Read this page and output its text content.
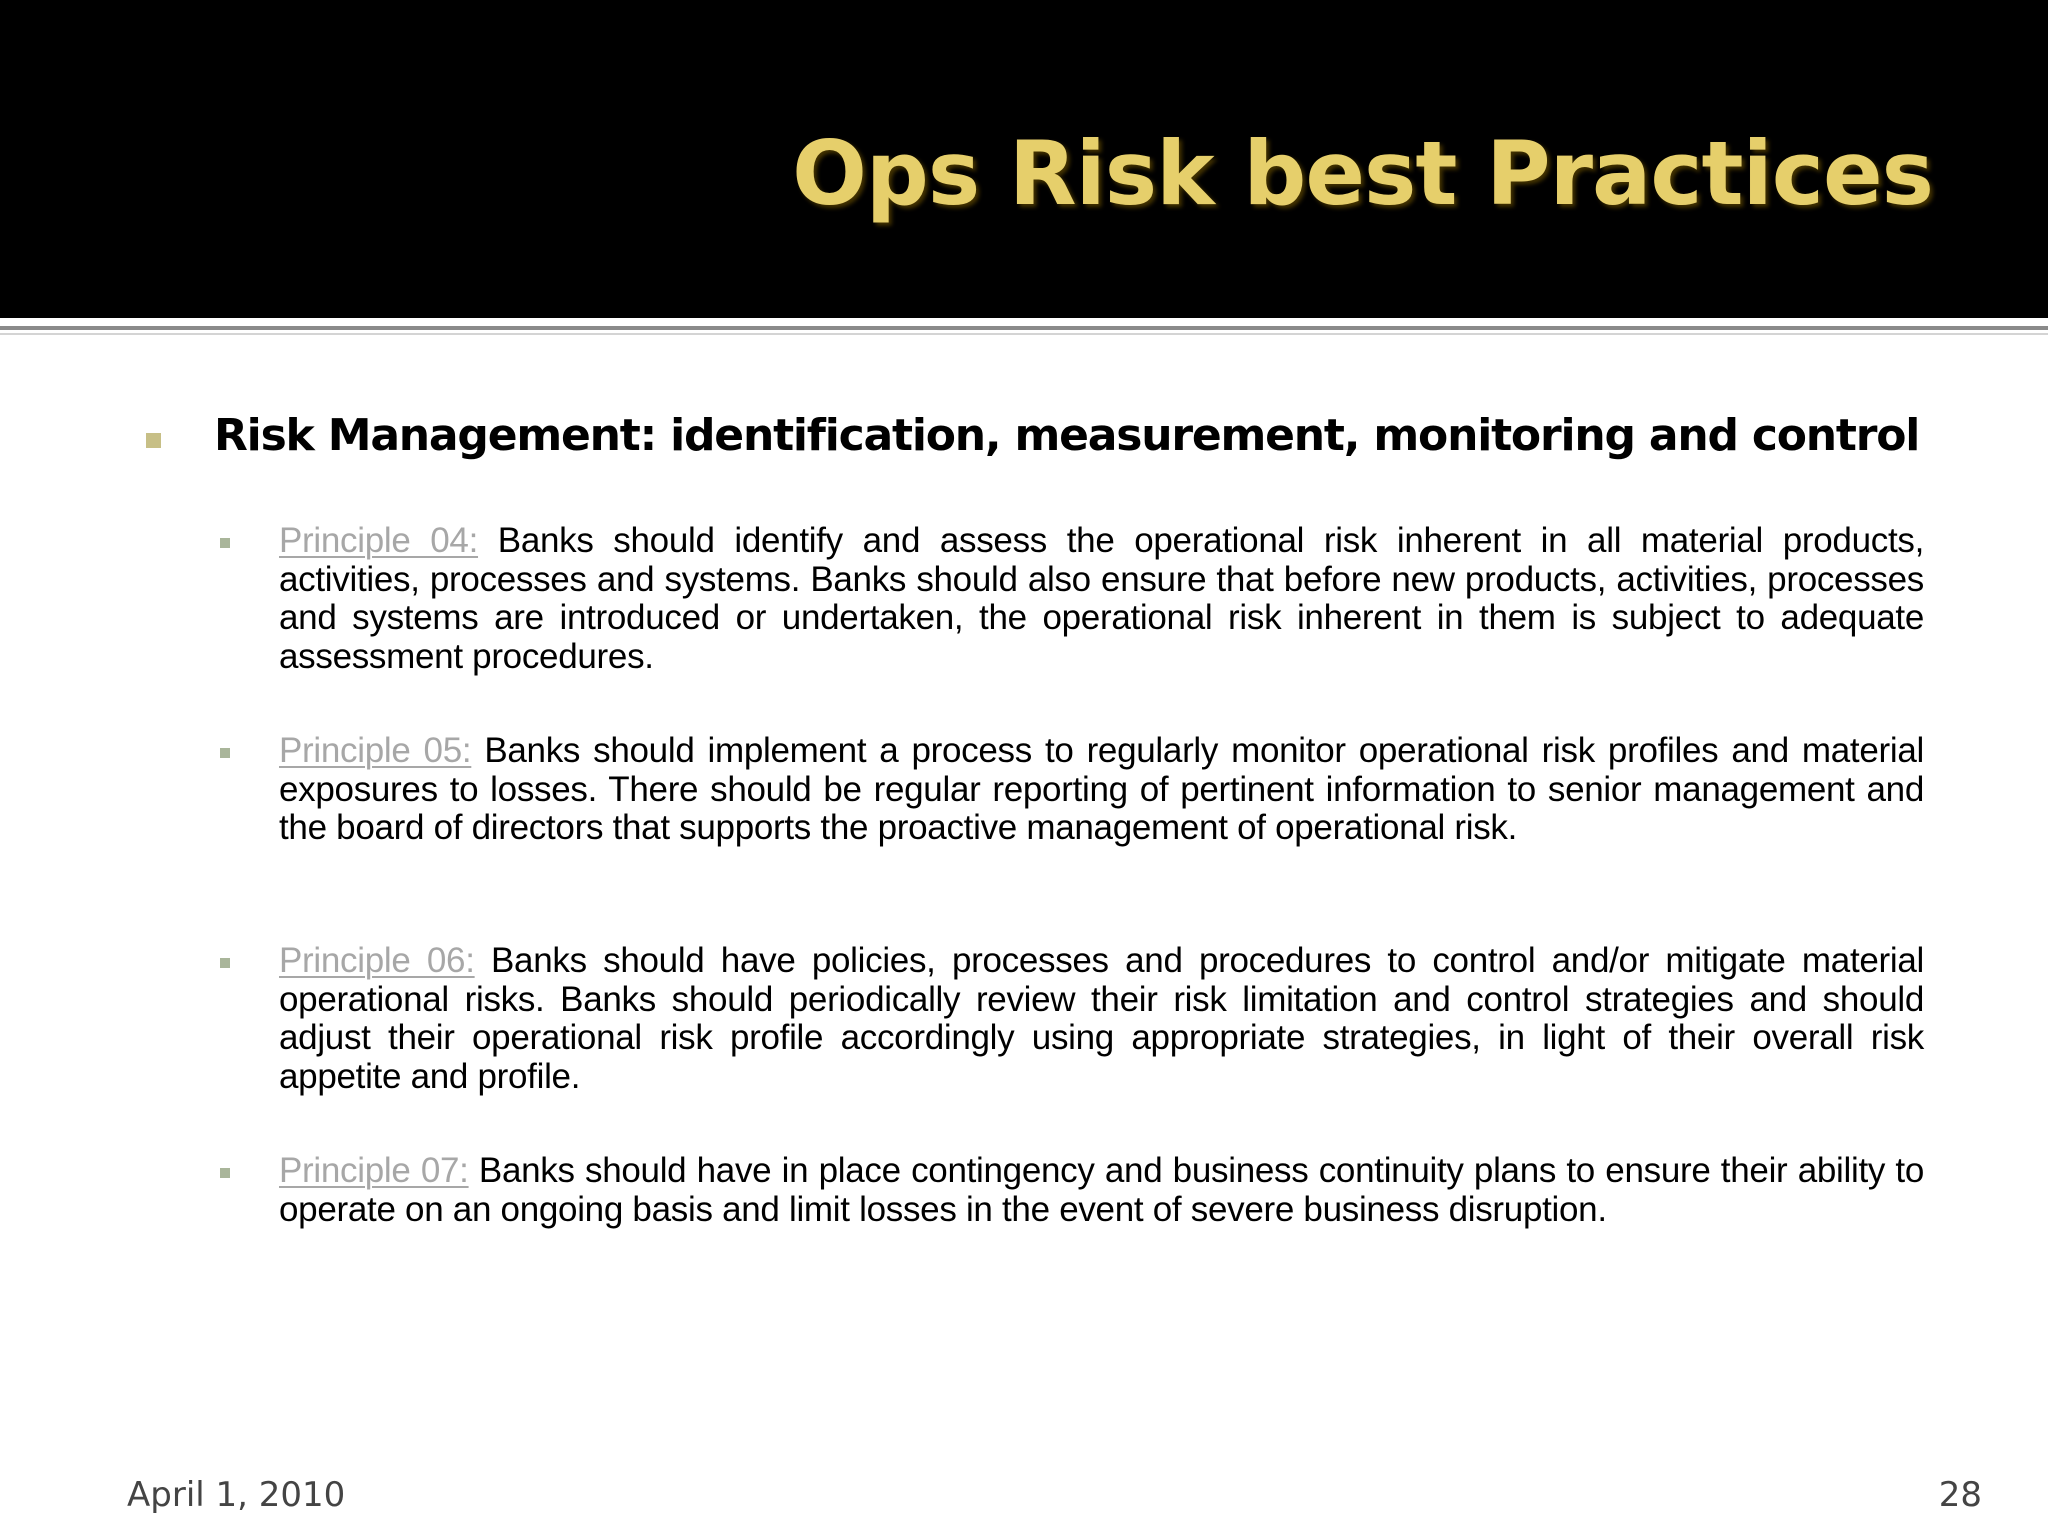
Ops Risk best Practices
Risk Management: identification, measurement, monitoring and control
Principle 04: Banks should identify and assess the operational risk inherent in all material products, activities, processes and systems. Banks should also ensure that before new products, activities, processes and systems are introduced or undertaken, the operational risk inherent in them is subject to adequate assessment procedures.
Principle 05: Banks should implement a process to regularly monitor operational risk profiles and material exposures to losses. There should be regular reporting of pertinent information to senior management and the board of directors that supports the proactive management of operational risk.
Principle 06: Banks should have policies, processes and procedures to control and/or mitigate material operational risks. Banks should periodically review their risk limitation and control strategies and should adjust their operational risk profile accordingly using appropriate strategies, in light of their overall risk appetite and profile.
Principle 07: Banks should have in place contingency and business continuity plans to ensure their ability to operate on an ongoing basis and limit losses in the event of severe business disruption.
April 1, 2010	28
